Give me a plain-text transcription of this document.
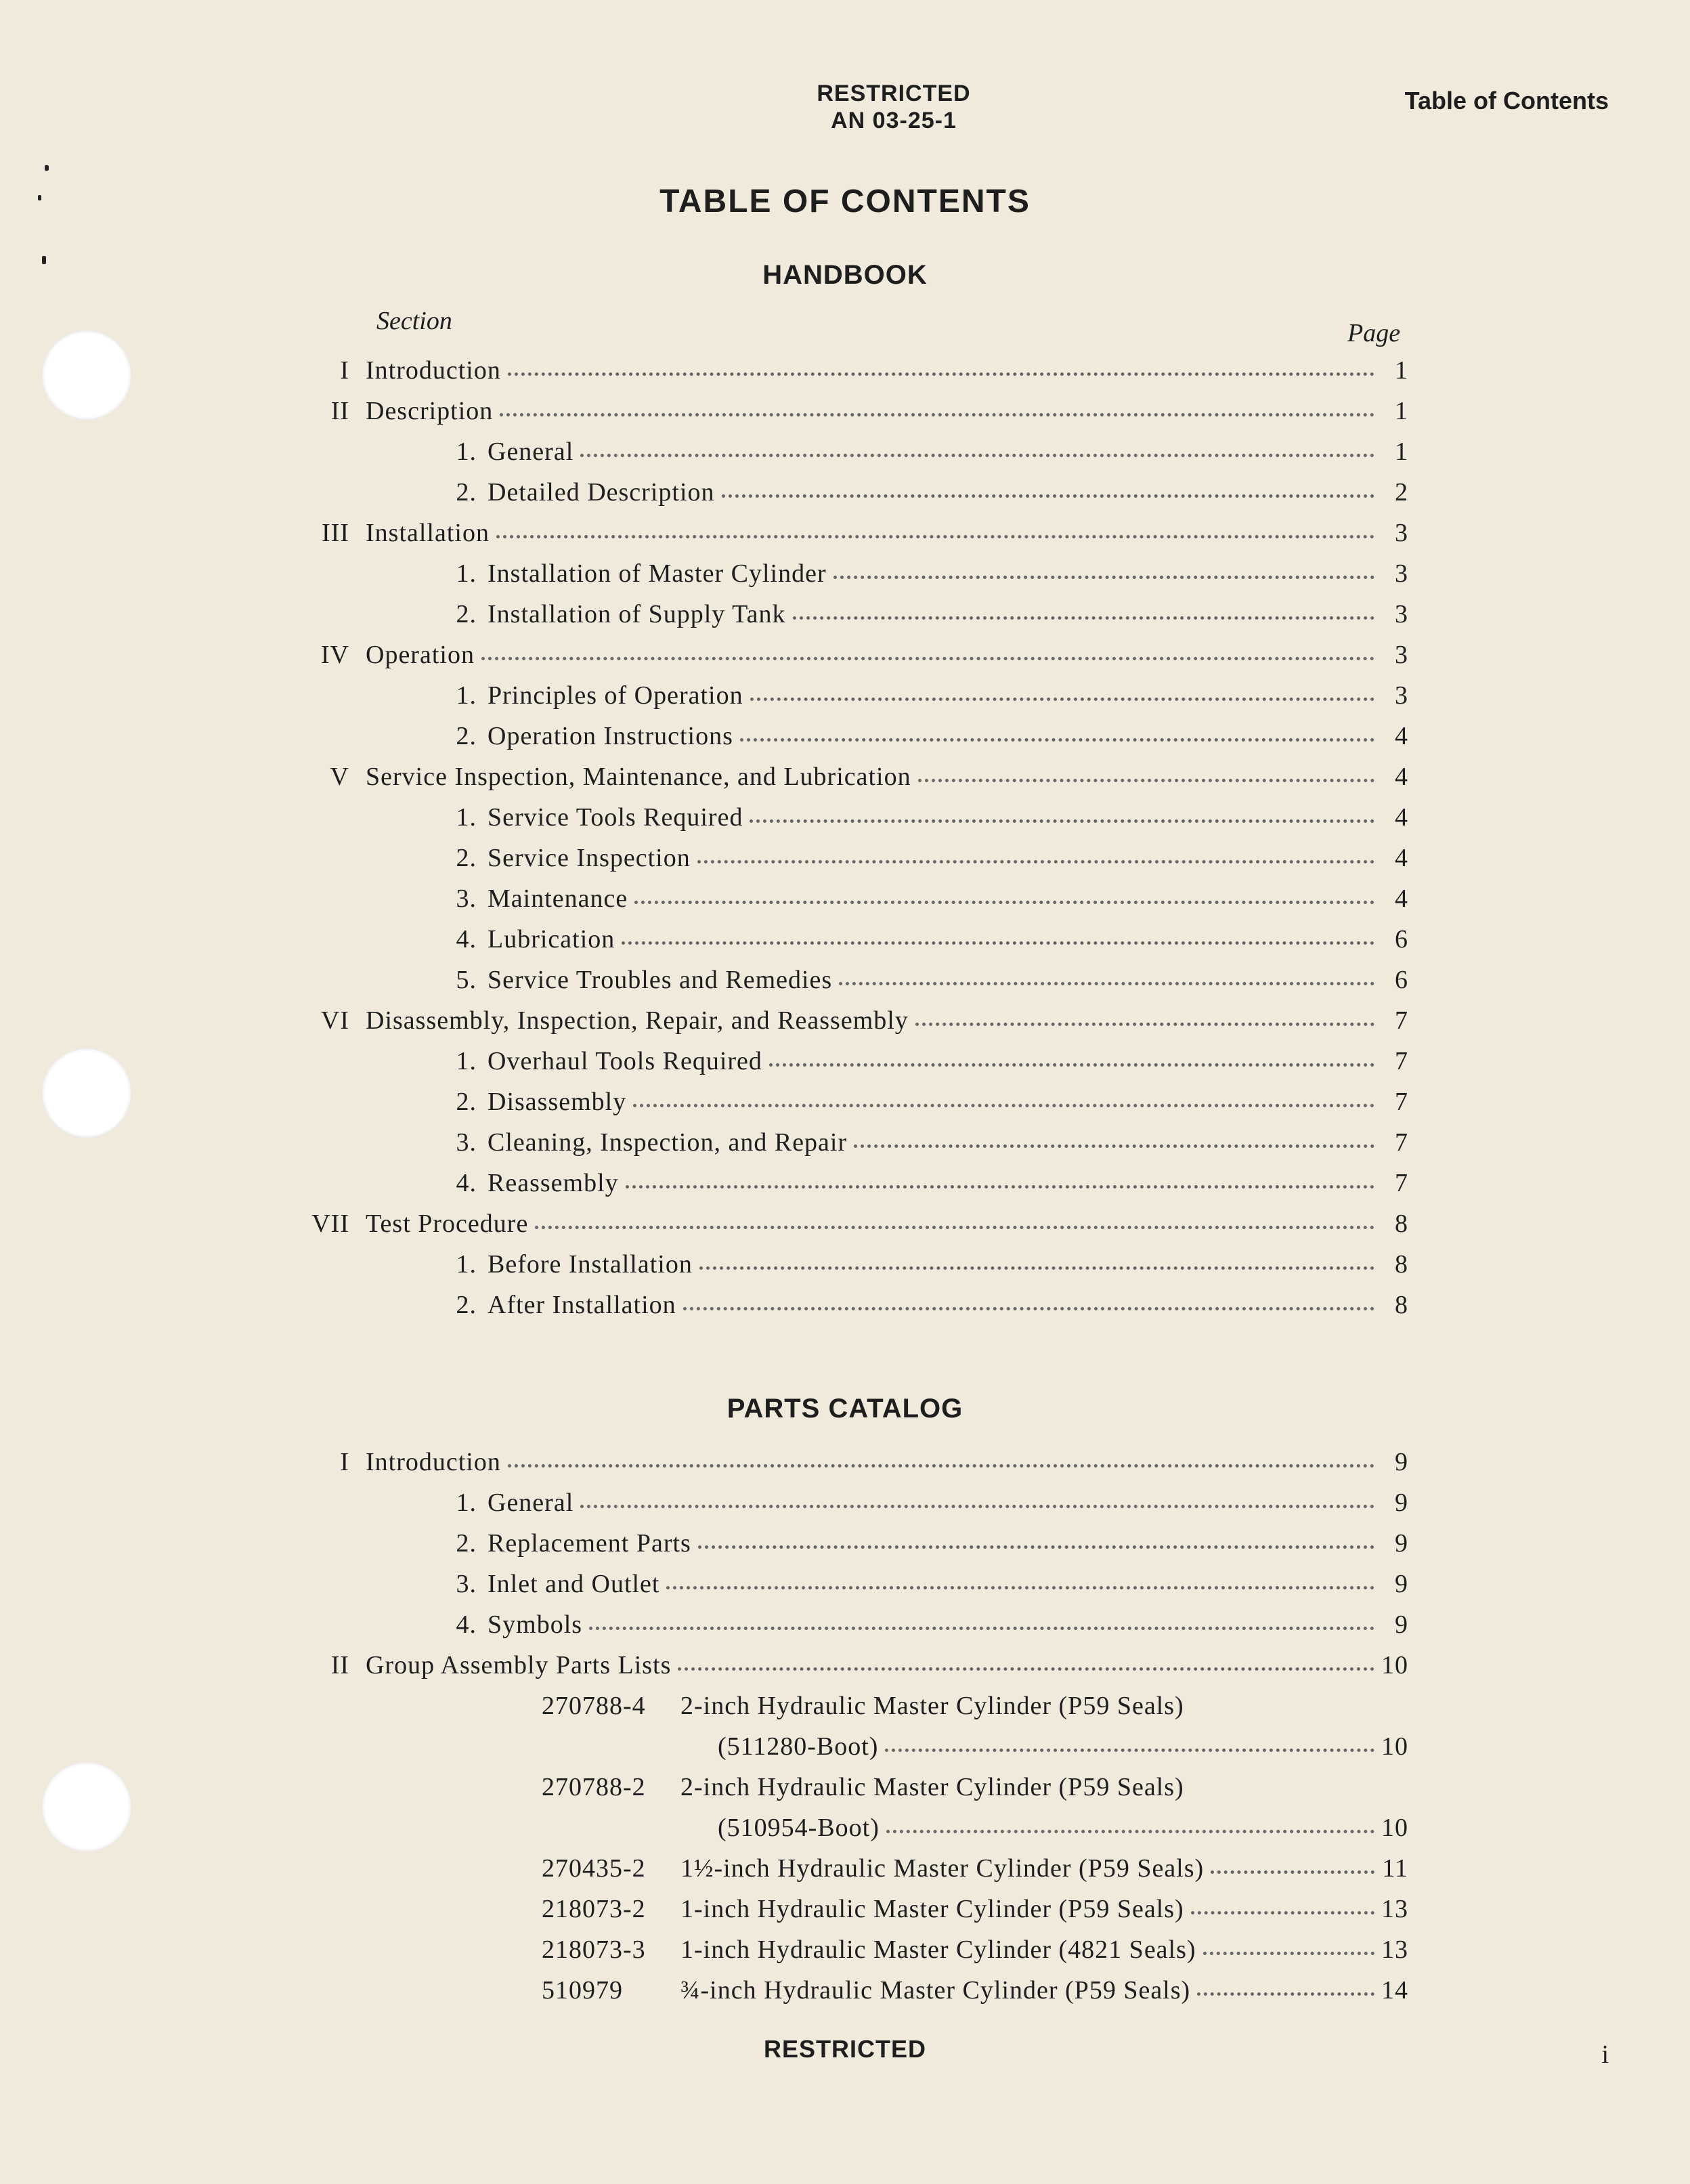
RESTRICTED
AN 03-25-1
Table of Contents
TABLE OF CONTENTS
HANDBOOK
Section	Page
I Introduction	1
II Description	1
1. General	1
2. Detailed Description	2
III Installation	3
1. Installation of Master Cylinder	3
2. Installation of Supply Tank	3
IV Operation	3
1. Principles of Operation	3
2. Operation Instructions	4
V Service Inspection, Maintenance, and Lubrication	4
1. Service Tools Required	4
2. Service Inspection	4
3. Maintenance	4
4. Lubrication	6
5. Service Troubles and Remedies	6
VI Disassembly, Inspection, Repair, and Reassembly	7
1. Overhaul Tools Required	7
2. Disassembly	7
3. Cleaning, Inspection, and Repair	7
4. Reassembly	7
VII Test Procedure	8
1. Before Installation	8
2. After Installation	8
PARTS CATALOG
I Introduction	9
1. General	9
2. Replacement Parts	9
3. Inlet and Outlet	9
4. Symbols	9
II Group Assembly Parts Lists	10
270788-4 2-inch Hydraulic Master Cylinder (P59 Seals)
(511280-Boot)	10
270788-2 2-inch Hydraulic Master Cylinder (P59 Seals)
(510954-Boot)	10
270435-2 1½-inch Hydraulic Master Cylinder (P59 Seals)	11
218073-2 1-inch Hydraulic Master Cylinder (P59 Seals)	13
218073-3 1-inch Hydraulic Master Cylinder (4821 Seals)	13
510979 ¾-inch Hydraulic Master Cylinder (P59 Seals)	14
RESTRICTED	i
